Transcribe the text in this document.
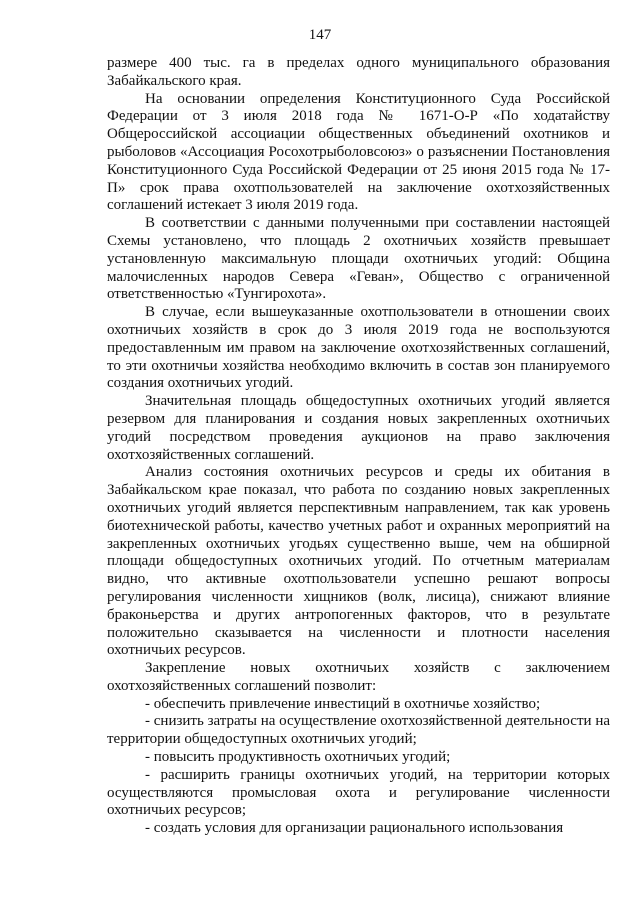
147

размере 400 тыс. га в пределах одного муниципального образования Забайкальского края.

На основании определения Конституционного Суда Российской Федерации от 3 июля 2018 года № 1671-О-Р «По ходатайству Общероссийской ассоциации общественных объединений охотников и рыболовов «Ассоциация Росохотрыболовсоюз» о разъяснении Постановления Конституционного Суда Российской Федерации от 25 июня 2015 года № 17-П» срок права охотпользователей на заключение охотхозяйственных соглашений истекает 3 июля 2019 года.

В соответствии с данными полученными при составлении настоящей Схемы установлено, что площадь 2 охотничьих хозяйств превышает установленную максимальную площади охотничьих угодий: Община малочисленных народов Севера «Геван», Общество с ограниченной ответственностью «Тунгирохота».

В случае, если вышеуказанные охотпользователи в отношении своих охотничьих хозяйств в срок до 3 июля 2019 года не воспользуются предоставленным им правом на заключение охотхозяйственных соглашений, то эти охотничьи хозяйства необходимо включить в состав зон планируемого создания охотничьих угодий.

Значительная площадь общедоступных охотничьих угодий является резервом для планирования и создания новых закрепленных охотничьих угодий посредством проведения аукционов на право заключения охотхозяйственных соглашений.

Анализ состояния охотничьих ресурсов и среды их обитания в Забайкальском крае показал, что работа по созданию новых закрепленных охотничьих угодий является перспективным направлением, так как уровень биотехнической работы, качество учетных работ и охранных мероприятий на закрепленных охотничьих угодьях существенно выше, чем на обширной площади общедоступных охотничьих угодий. По отчетным материалам видно, что активные охотпользователи успешно решают вопросы регулирования численности хищников (волк, лисица), снижают влияние браконьерства и других антропогенных факторов, что в результате положительно сказывается на численности и плотности населения охотничьих ресурсов.

Закрепление новых охотничьих хозяйств с заключением охотхозяйственных соглашений позволит:

- обеспечить привлечение инвестиций в охотничье хозяйство;

- снизить затраты на осуществление охотхозяйственной деятельности на территории общедоступных охотничьих угодий;

- повысить продуктивность охотничьих угодий;

- расширить границы охотничьих угодий, на территории которых осуществляются промысловая охота и регулирование численности охотничьих ресурсов;

- создать условия для организации рационального использования
